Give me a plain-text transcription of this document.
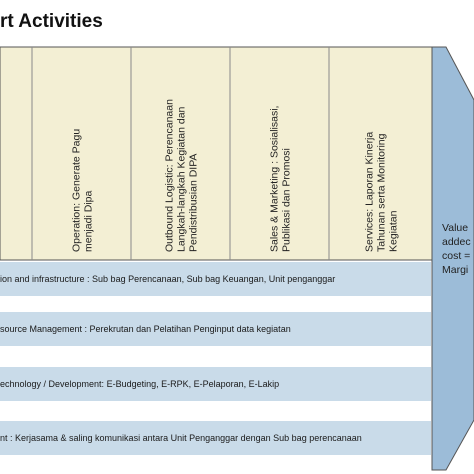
rt Activities
Operation: Generate Pagumenjadi Dipa	Outbound Logistic: PerencanaanLangkah-langkah Kegiatan danPendistribusian DIPA	Sales & Marketing : Sosialisasi,Publikasi dan Promosi	Services: Laporan KinerjaTahunan serta MonitoringKegiatan
ion and infrastructure : Sub bag Perencanaan, Sub bag Keuangan, Unit penganggar
source Management : Perekrutan dan Pelatihan Penginput data kegiatan
echnology / Development: E-Budgeting, E-RPK, E-Pelaporan, E-Lakip
nt : Kerjasama & saling komunikasi antara Unit Penganggar dengan Sub bag perencanaan
Value
addec
cost =
Margi
